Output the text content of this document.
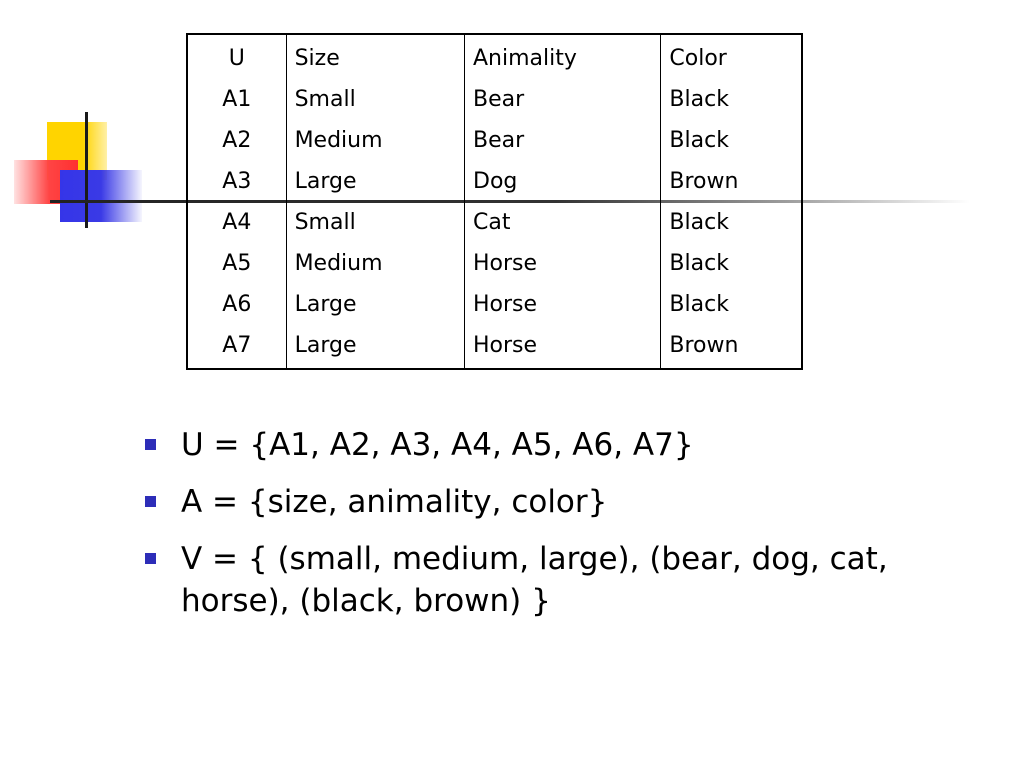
U	Size	Animality	Color
A1	Small	Bear	Black
A2	Medium	Bear	Black
A3	Large	Dog	Brown
A4	Small	Cat	Black
A5	Medium	Horse	Black
A6	Large	Horse	Black
A7	Large	Horse	Brown
U = {A1, A2, A3, A4, A5, A6, A7}
A = {size, animality, color}
V = { (small, medium, large), (bear, dog, cat, horse), (black, brown) }
